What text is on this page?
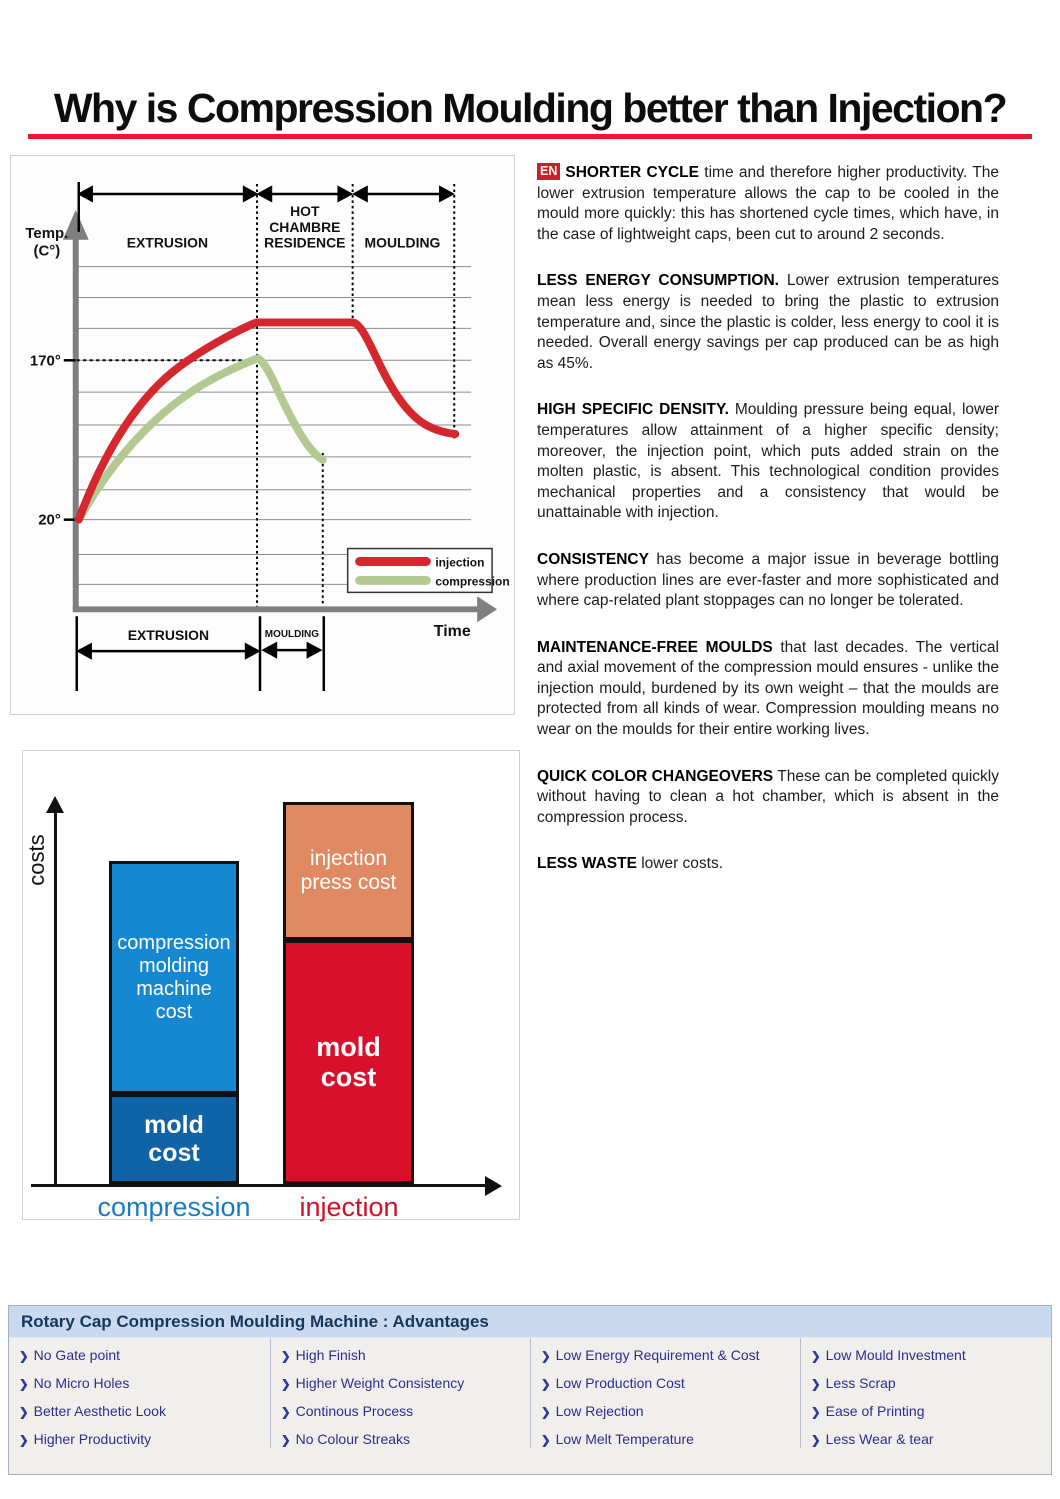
Why is Compression Moulding better than Injection?
injection
compression
Temp.
(C°)
170°
20°
EXTRUSION
HOT
CHAMBRE
RESIDENCE MOULDING
EXTRUSION	MOULDING	Time
costs
compression molding machine cost
mold cost
injection press cost
mold cost
compression	injection

EN SHORTER CYCLE time and therefore higher productivity. The lower extrusion temperature allows the cap to be cooled in the mould more quickly: this has shortened cycle times, which have, in the case of lightweight caps, been cut to around 2 seconds.

LESS ENERGY CONSUMPTION. Lower extrusion temperatures mean less energy is needed to bring the plastic to extrusion temperature and, since the plastic is colder, less energy to cool it is needed. Overall energy savings per cap produced can be as high as 45%.

HIGH SPECIFIC DENSITY. Moulding pressure being equal, lower temperatures allow attainment of a higher specific density; moreover, the injection point, which puts added strain on the molten plastic, is absent. This technological condition provides mechanical properties and a consistency that would be unattainable with injection.

CONSISTENCY has become a major issue in beverage bottling where production lines are ever-faster and more sophisticated and where cap-related plant stoppages can no longer be tolerated.

MAINTENANCE-FREE MOULDS that last decades. The vertical and axial movement of the compression mould ensures - unlike the injection mould, burdened by its own weight – that the moulds are protected from all kinds of wear. Compression moulding means no wear on the moulds for their entire working lives.

QUICK COLOR CHANGEOVERS These can be completed quickly without having to clean a hot chamber, which is absent in the compression process.

LESS WASTE lower costs.

Rotary Cap Compression Moulding Machine : Advantages
❯ No Gate point
❯ No Micro Holes
❯ Better Aesthetic Look
❯ Higher Productivity
❯ High Finish
❯ Higher Weight Consistency
❯ Continous Process
❯ No Colour Streaks
❯ Low Energy Requirement & Cost
❯ Low Production Cost
❯ Low Rejection
❯ Low Melt Temperature
❯ Low Mould Investment
❯ Less Scrap
❯ Ease of Printing
❯ Less Wear & tear
